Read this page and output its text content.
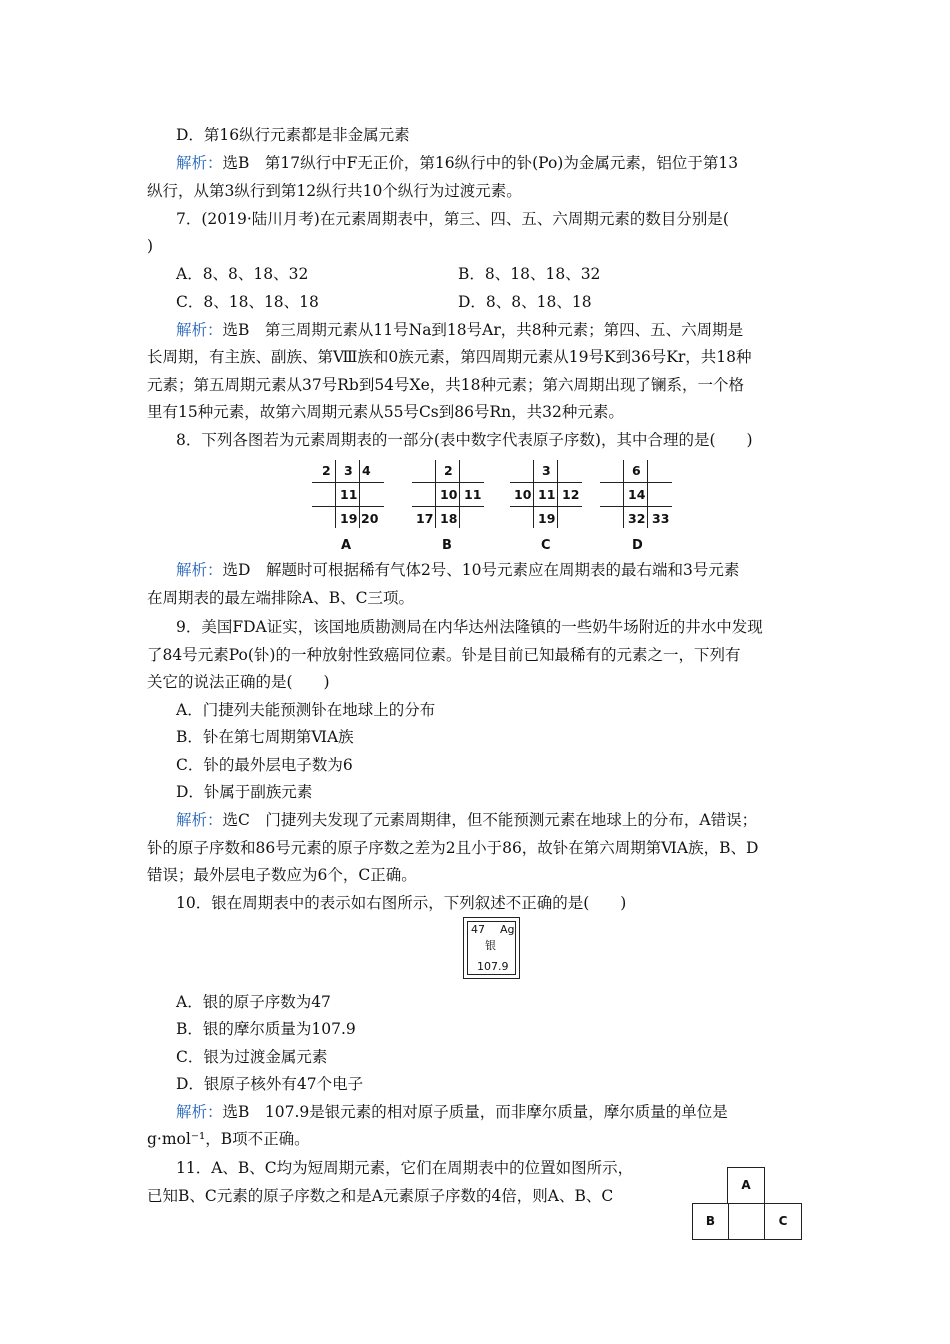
D．第16纵行元素都是非金属元素
解析：选B　第17纵行中F无正价，第16纵行中的钋(Po)为金属元素，铝位于第13
纵行，从第3纵行到第12纵行共10个纵行为过渡元素。
7．(2019·陆川月考)在元素周期表中，第三、四、五、六周期元素的数目分别是(
)
A．8、8、18、32	B．8、18、18、32
C．8、18、18、18	D．8、8、18、18
解析：选B　第三周期元素从11号Na到18号Ar，共8种元素；第四、五、六周期是
长周期，有主族、副族、第Ⅷ族和0族元素，第四周期元素从19号K到36号Kr，共18种
元素；第五周期元素从37号Rb到54号Xe，共18种元素；第六周期出现了镧系，一个格
里有15种元素，故第六周期元素从55号Cs到86号Rn，共32种元素。
8．下列各图若为元素周期表的一部分(表中数字代表原子序数)，其中合理的是(　　)
2 3 4
11
19 20
A
2
10 11
17 18
B
3
10 11 12
19
C
6
14
32 33
D
解析：选D　解题时可根据稀有气体2号、10号元素应在周期表的最右端和3号元素
在周期表的最左端排除A、B、C三项。
9．美国FDA证实，该国地质勘测局在内华达州法隆镇的一些奶牛场附近的井水中发现
了84号元素Po(钋)的一种放射性致癌同位素。钋是目前已知最稀有的元素之一，下列有
关它的说法正确的是(　　)
A．门捷列夫能预测钋在地球上的分布
B．钋在第七周期第ⅥA族
C．钋的最外层电子数为6
D．钋属于副族元素
解析：选C　门捷列夫发现了元素周期律，但不能预测元素在地球上的分布，A错误；
钋的原子序数和86号元素的原子序数之差为2且小于86，故钋在第六周期第ⅥA族，B、D
错误；最外层电子数应为6个，C正确。
10．银在周期表中的表示如右图所示，下列叙述不正确的是(　　)
47 Ag
银
107.9
A．银的原子序数为47
B．银的摩尔质量为107.9
C．银为过渡金属元素
D．银原子核外有47个电子
解析：选B　107.9是银元素的相对原子质量，而非摩尔质量，摩尔质量的单位是
g·mol⁻¹，B项不正确。
11．A、B、C均为短周期元素，它们在周期表中的位置如图所示，
已知B、C元素的原子序数之和是A元素原子序数的4倍，则A、B、C
A
B	C
